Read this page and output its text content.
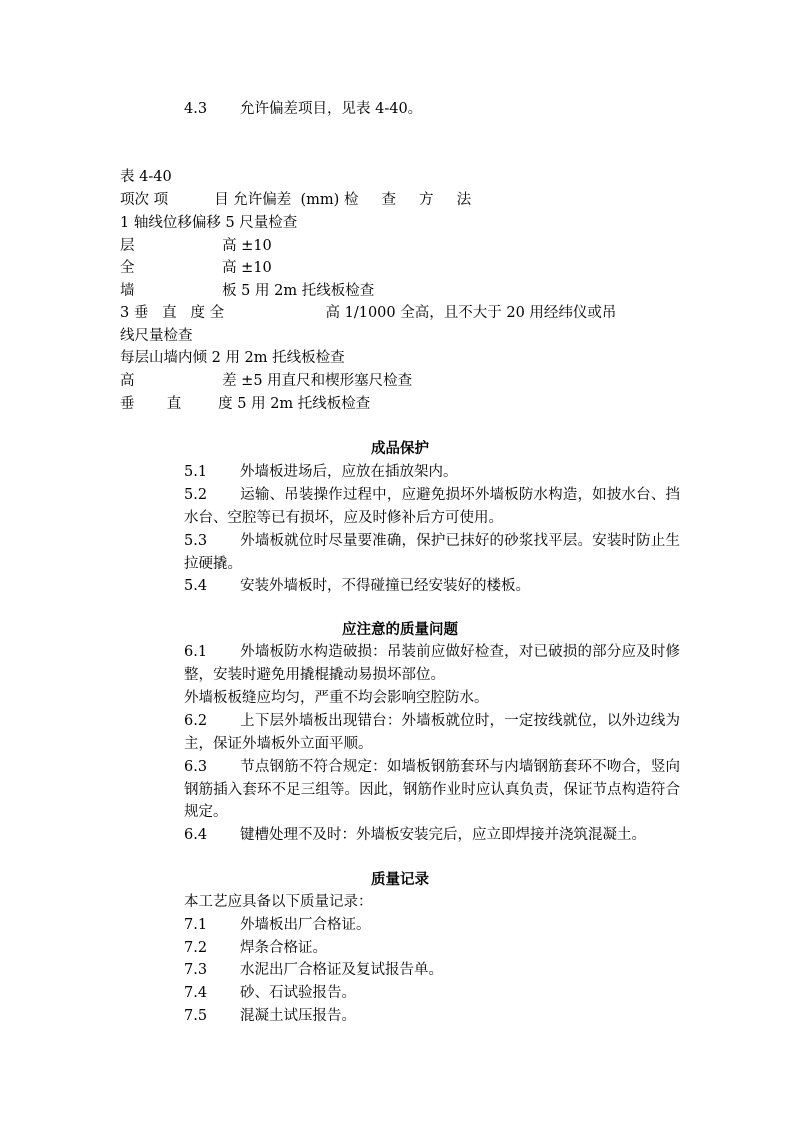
4.3 允许偏差项目，见表 4-40。
表 4-40
项次 项          目 允许偏差  (mm) 检     查     方     法
1 轴线位移偏移 5 尺量检查
层                   高 ±10
全                   高 ±10
墙                   板 5 用 2m 托线板检查
3 垂   直   度 全                      高 1/1000 全高，且不大于 20 用经纬仪或吊
线尺量检查
每层山墙内倾 2 用 2m 托线板检查
高                   差 ±5 用直尺和楔形塞尺检查
垂       直        度 5 用 2m 托线板检查
成品保护
5.1 外墙板进场后，应放在插放架内。
5.2 运输、吊装操作过程中，应避免损坏外墙板防水构造，如披水台、挡水台、空腔等已有损坏，应及时修补后方可使用。
5.3 外墙板就位时尽量要准确，保护已抹好的砂浆找平层。安装时防止生拉硬撬。
5.4 安装外墙板时，不得碰撞已经安装好的楼板。
应注意的质量问题
6.1 外墙板防水构造破损：吊装前应做好检查，对已破损的部分应及时修整，安装时避免用撬棍撬动易损坏部位。
外墙板板缝应均匀，严重不均会影响空腔防水。
6.2 上下层外墙板出现错台：外墙板就位时，一定按线就位，以外边线为主，保证外墙板外立面平顺。
6.3 节点钢筋不符合规定：如墙板钢筋套环与内墙钢筋套环不吻合，竖向钢筋插入套环不足三组等。因此，钢筋作业时应认真负责，保证节点构造符合规定。
6.4 键槽处理不及时：外墙板安装完后，应立即焊接并浇筑混凝土。
质量记录
本工艺应具备以下质量记录：
7.1 外墙板出厂合格证。
7.2 焊条合格证。
7.3 水泥出厂合格证及复试报告单。
7.4 砂、石试验报告。
7.5 混凝土试压报告。
